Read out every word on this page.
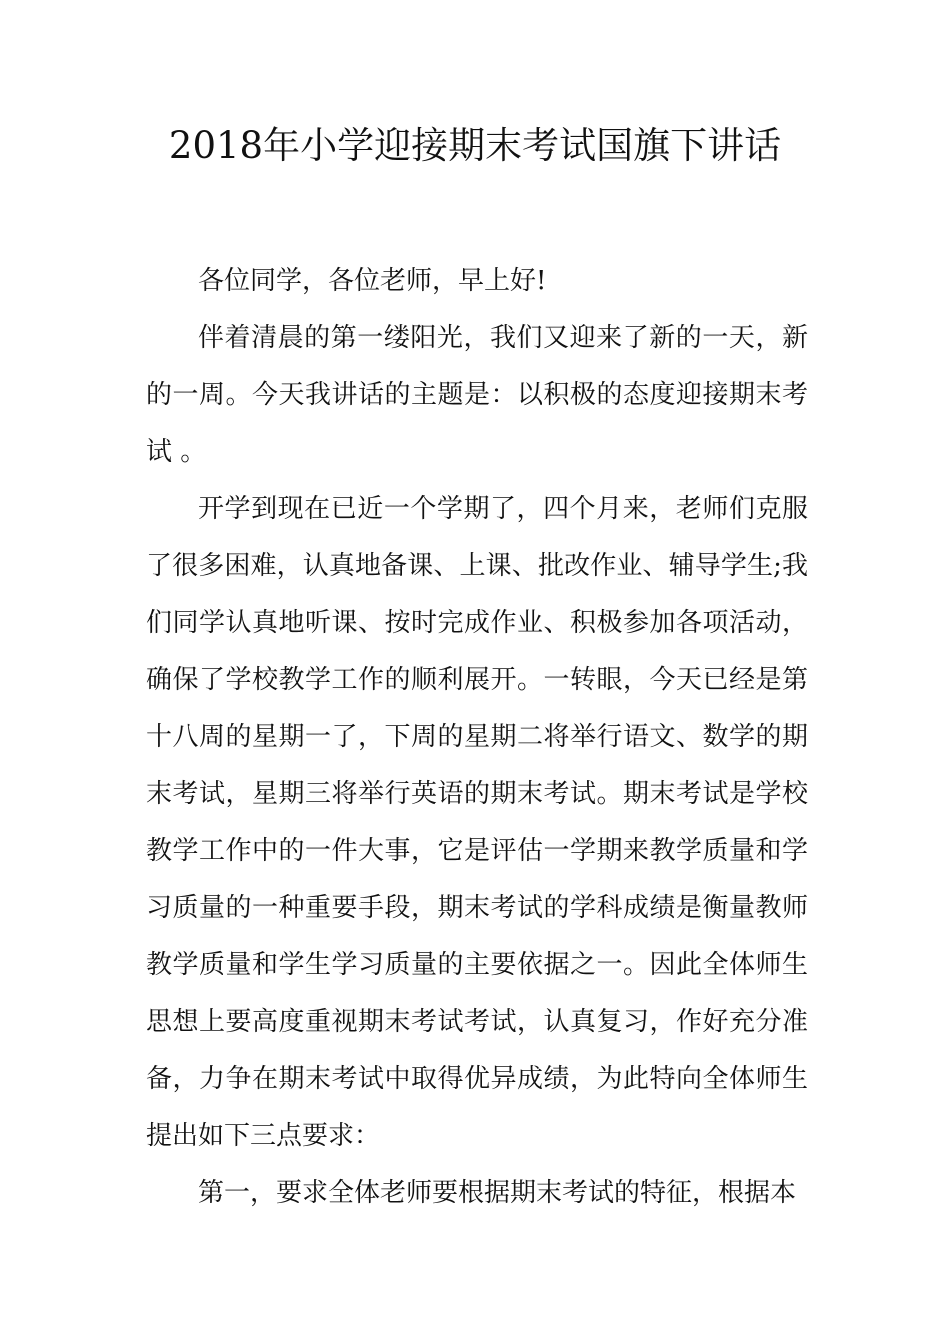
2018年小学迎接期末考试国旗下讲话

各位同学，各位老师，早上好!

伴着清晨的第一缕阳光，我们又迎来了新的一天，新的一周。今天我讲话的主题是：以积极的态度迎接期末考试 。

开学到现在已近一个学期了，四个月来，老师们克服了很多困难，认真地备课、上课、批改作业、辅导学生;我们同学认真地听课、按时完成作业、积极参加各项活动，确保了学校教学工作的顺利展开。一转眼，今天已经是第十八周的星期一了，下周的星期二将举行语文、数学的期末考试，星期三将举行英语的期末考试。期末考试是学校教学工作中的一件大事，它是评估一学期来教学质量和学习质量的一种重要手段，期末考试的学科成绩是衡量教师教学质量和学生学习质量的主要依据之一。因此全体师生思想上要高度重视期末考试考试，认真复习，作好充分准备，力争在期末考试中取得优异成绩，为此特向全体师生提出如下三点要求：

第一，要求全体老师要根据期末考试的特征，根据本
